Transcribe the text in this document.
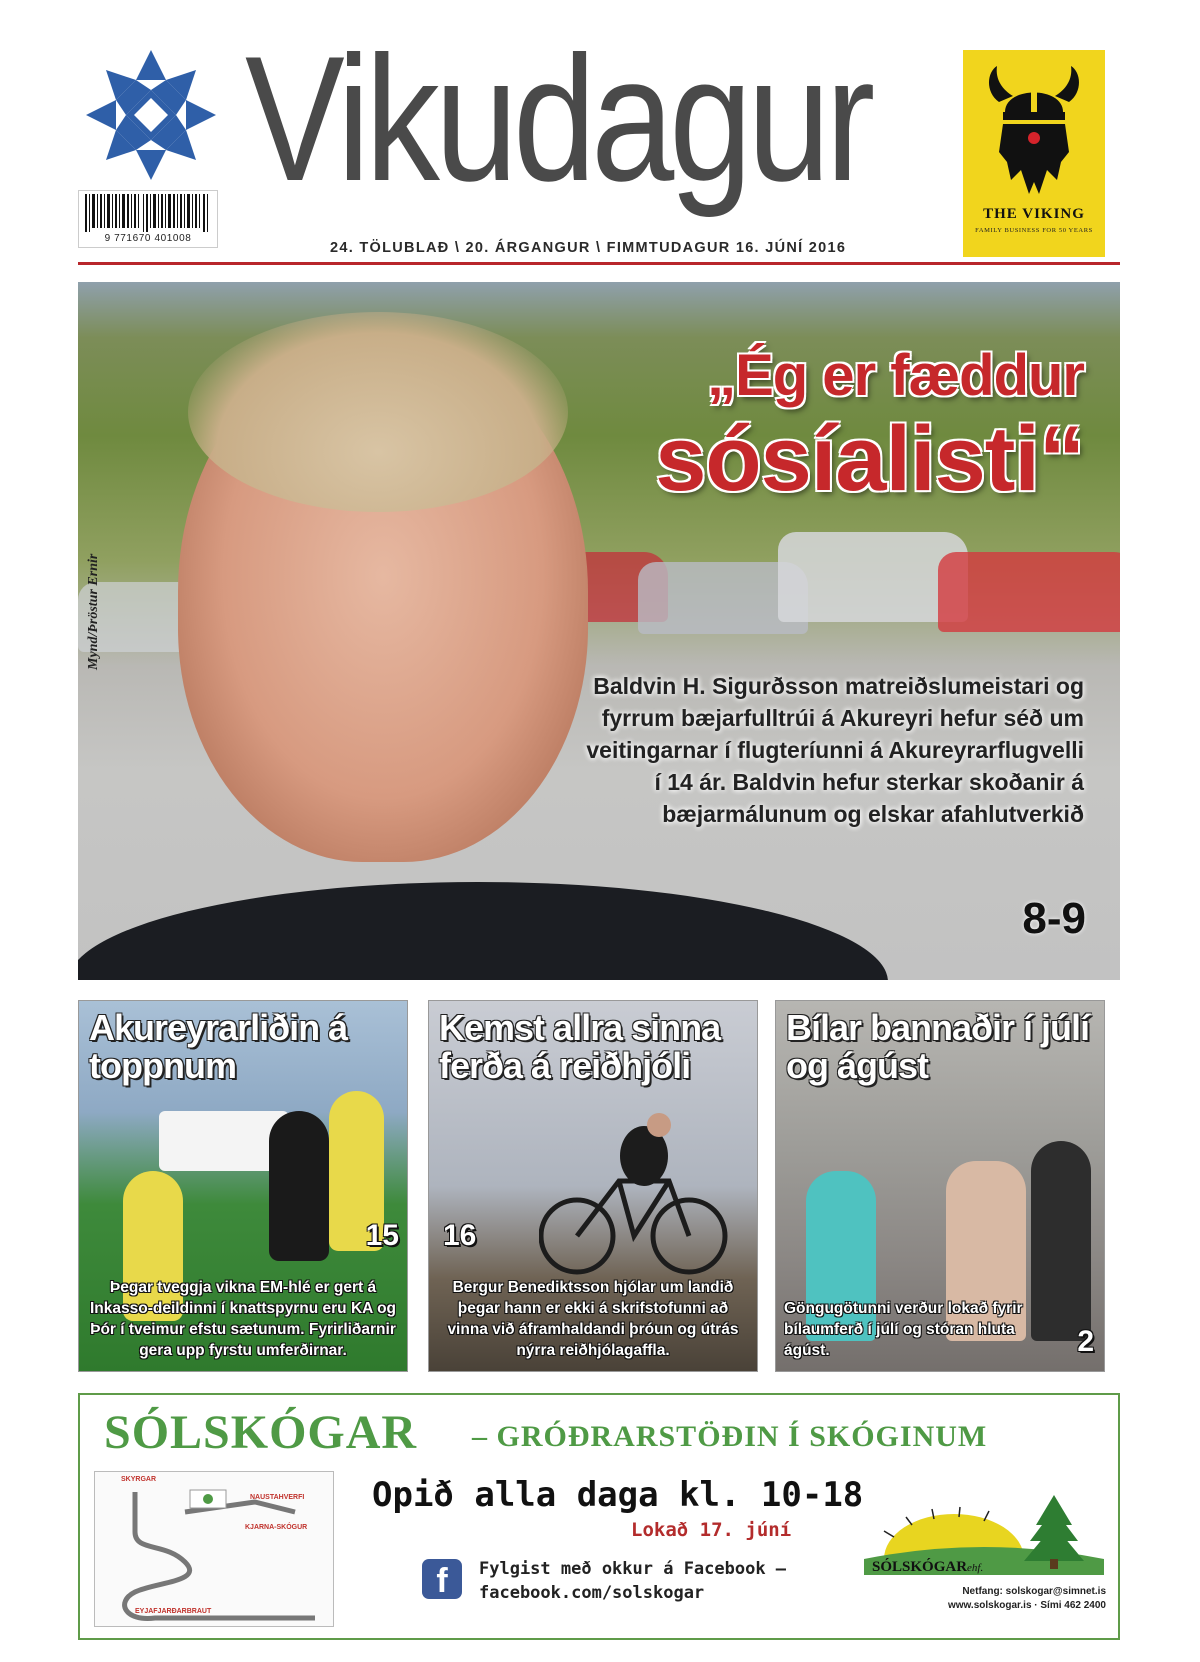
Vikudagur
9 771670 401008
24. TÖLUBLAÐ \ 20. ÁRGANGUR \ FIMMTUDAGUR 16. JÚNÍ 2016
THE VIKING
FAMILY BUSINESS FOR 50 YEARS
„Ég er fæddur
sósíalisti“
Baldvin H. Sigurðsson matreiðslumeistari og fyrrum bæjarfulltrúi á Akureyri hefur séð um veitingarnar í flugteríunni á Akureyrarflugvelli í 14 ár. Baldvin hefur sterkar skoðanir á bæjarmálunum og elskar afahlutverkið
8-9
Mynd/Þröstur Ernir
Akureyrarliðin á toppnum
15
Þegar tveggja vikna EM-hlé er gert á Inkasso-deildinni í knattspyrnu eru KA og Þór í tveimur efstu sætunum. Fyrirliðarnir gera upp fyrstu umferðirnar.
Kemst allra sinna ferða á reiðhjóli
16
Bergur Benediktsson hjólar um landið þegar hann er ekki á skrifstofunni að vinna við áframhaldandi þróun og útrás nýrra reiðhjólagaffla.
Bílar bannaðir í júlí og ágúst
2
Göngugötunni verður lokað fyrir bílaumferð í júlí og stóran hluta ágúst.
SÓLSKÓGAR – GRÓÐRARSTÖÐIN Í SKÓGINUM
SKYRGAR
NAUSTAHVERFI
KJARNA-SKÓGUR
EYJAFJARÐARBRAUT
Opið alla daga kl. 10-18
Lokað 17. júní
f	Fylgist með okkur á Facebook –
facebook.com/solskogar
SÓLSKÓGARehf.
Netfang: solskogar@simnet.is
www.solskogar.is · Sími 462 2400
